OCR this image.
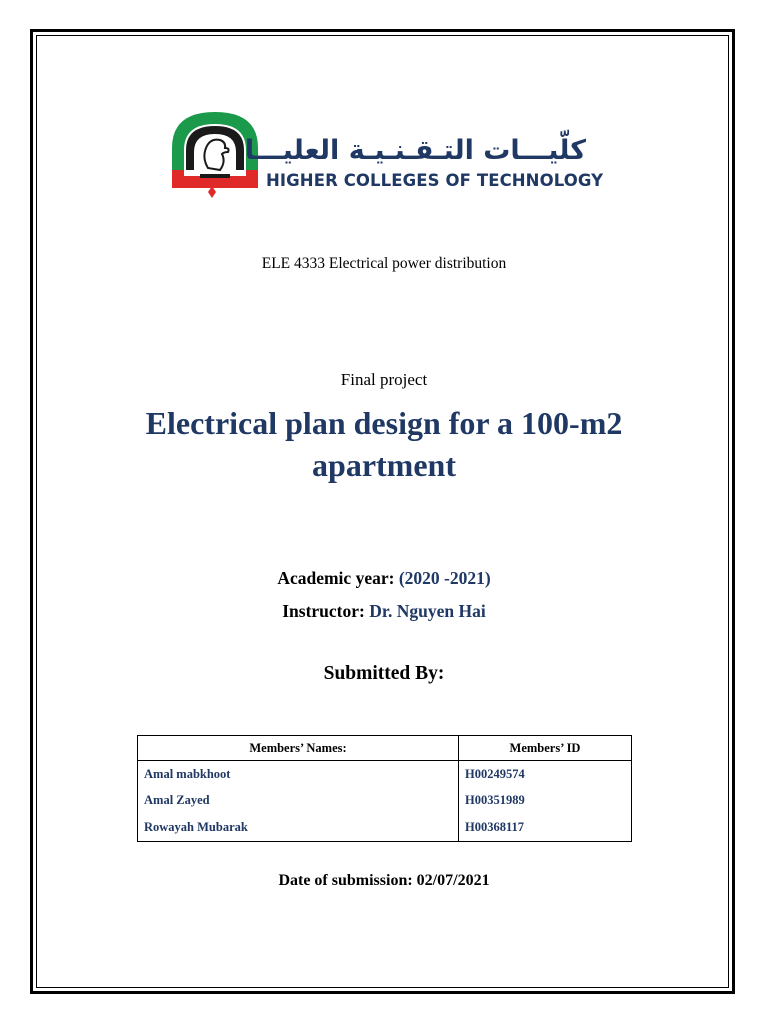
كلّيـــات التـقـنـيـة العليـــا
HIGHER COLLEGES OF TECHNOLOGY
ELE 4333 Electrical power distribution
Final project
Electrical plan design for a 100-m2
apartment
Academic year: (2020 -2021)
Instructor: Dr. Nguyen Hai
Submitted By:
Members’ Names:	Members’ ID
Amal mabkhoot	H00249574
Amal Zayed	H00351989
Rowayah Mubarak	H00368117
Date of submission: 02/07/2021
